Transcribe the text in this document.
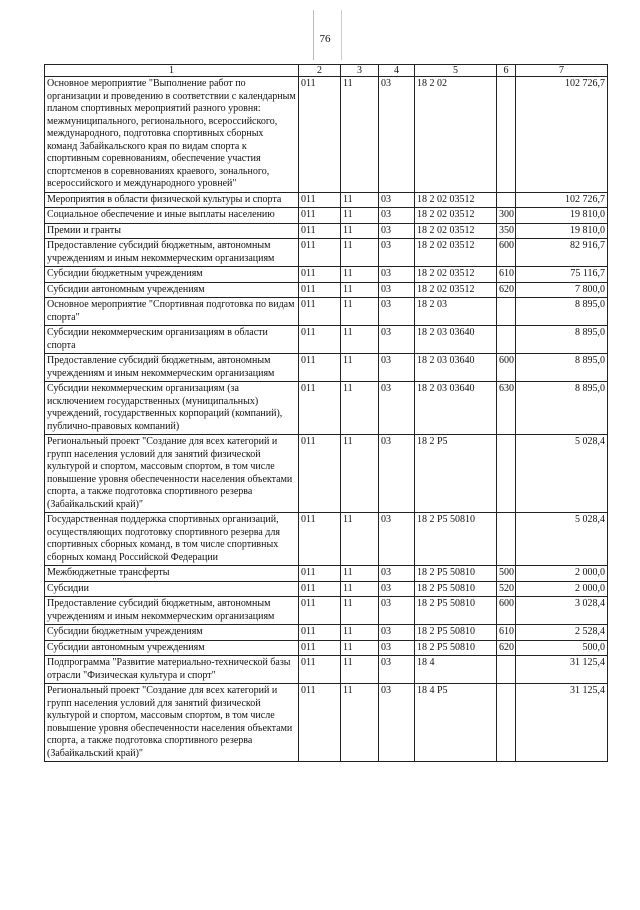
76
1	2	3	4	5	6	7
Основное мероприятие "Выполнение работ по организации и проведению в соответствии с календарным планом спортивных мероприятий разного уровня: межмуниципального, регионального, всероссийского, международного, подготовка спортивных сборных команд Забайкальского края по видам спорта к спортивным соревнованиям, обеспечение участия спортсменов в соревнованиях краевого, зонального, всероссийского и международного уровней"	011	11	03	18 2 02		102 726,7
Мероприятия в области физической культуры и спорта	011	11	03	18 2 02 03512		102 726,7
Социальное обеспечение и иные выплаты населению	011	11	03	18 2 02 03512	300	19 810,0
Премии и гранты	011	11	03	18 2 02 03512	350	19 810,0
Предоставление субсидий бюджетным, автономным учреждениям и иным некоммерческим организациям	011	11	03	18 2 02 03512	600	82 916,7
Субсидии бюджетным учреждениям	011	11	03	18 2 02 03512	610	75 116,7
Субсидии автономным учреждениям	011	11	03	18 2 02 03512	620	7 800,0
Основное мероприятие "Спортивная подготовка по видам спорта"	011	11	03	18 2 03		8 895,0
Субсидии некоммерческим организациям в области спорта	011	11	03	18 2 03 03640		8 895,0
Предоставление субсидий бюджетным, автономным учреждениям и иным некоммерческим организациям	011	11	03	18 2 03 03640	600	8 895,0
Субсидии некоммерческим организациям (за исключением государственных (муниципальных) учреждений, государственных корпораций (компаний), публично-правовых компаний)	011	11	03	18 2 03 03640	630	8 895,0
Региональный проект "Создание для всех категорий и групп населения условий для занятий физической культурой и спортом, массовым спортом, в том числе повышение уровня обеспеченности населения объектами спорта, а также подготовка спортивного резерва (Забайкальский край)"	011	11	03	18 2 P5		5 028,4
Государственная поддержка спортивных организаций, осуществляющих подготовку спортивного резерва для спортивных сборных команд, в том числе спортивных сборных команд Российской Федерации	011	11	03	18 2 P5 50810		5 028,4
Межбюджетные трансферты	011	11	03	18 2 P5 50810	500	2 000,0
Субсидии	011	11	03	18 2 P5 50810	520	2 000,0
Предоставление субсидий бюджетным, автономным учреждениям и иным некоммерческим организациям	011	11	03	18 2 P5 50810	600	3 028,4
Субсидии бюджетным учреждениям	011	11	03	18 2 P5 50810	610	2 528,4
Субсидии автономным учреждениям	011	11	03	18 2 P5 50810	620	500,0
Подпрограмма "Развитие материально-технической базы отрасли "Физическая культура и спорт"	011	11	03	18 4		31 125,4
Региональный проект "Создание для всех категорий и групп населения условий для занятий физической культурой и спортом, массовым спортом, в том числе повышение уровня обеспеченности населения объектами спорта, а также подготовка спортивного резерва (Забайкальский край)"	011	11	03	18 4 P5		31 125,4
